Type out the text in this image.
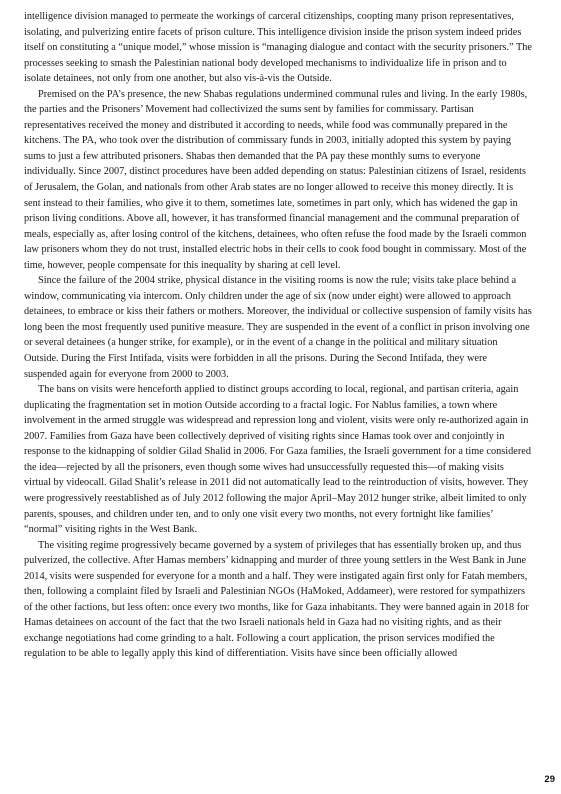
intelligence division managed to permeate the workings of carceral citizenships, coopting many prison representatives, isolating, and pulverizing entire facets of prison culture. This intelligence division inside the prison system indeed prides itself on constituting a “unique model,” whose mission is “managing dialogue and contact with the security prisoners.” The processes seeking to smash the Palestinian national body developed mechanisms to individualize life in prison and to isolate detainees, not only from one another, but also vis-à-vis the Outside.

Premised on the PA’s presence, the new Shabas regulations undermined communal rules and living. In the early 1980s, the parties and the Prisoners’ Movement had collectivized the sums sent by families for commissary. Partisan representatives received the money and distributed it according to needs, while food was communally prepared in the kitchens. The PA, who took over the distribution of commissary funds in 2003, initially adopted this system by paying sums to just a few attributed prisoners. Shabas then demanded that the PA pay these monthly sums to everyone individually. Since 2007, distinct procedures have been added depending on status: Palestinian citizens of Israel, residents of Jerusalem, the Golan, and nationals from other Arab states are no longer allowed to receive this money directly. It is sent instead to their families, who give it to them, sometimes late, sometimes in part only, which has widened the gap in prison living conditions. Above all, however, it has transformed financial management and the communal preparation of meals, especially as, after losing control of the kitchens, detainees, who often refuse the food made by the Israeli common law prisoners whom they do not trust, installed electric hobs in their cells to cook food bought in commissary. Most of the time, however, people compensate for this inequality by sharing at cell level.

Since the failure of the 2004 strike, physical distance in the visiting rooms is now the rule; visits take place behind a window, communicating via intercom. Only children under the age of six (now under eight) were allowed to approach detainees, to embrace or kiss their fathers or mothers. Moreover, the individual or collective suspension of family visits has long been the most frequently used punitive measure. They are suspended in the event of a conflict in prison involving one or several detainees (a hunger strike, for example), or in the event of a change in the political and military situation Outside. During the First Intifada, visits were forbidden in all the prisons. During the Second Intifada, they were suspended again for everyone from 2000 to 2003.

The bans on visits were henceforth applied to distinct groups according to local, regional, and partisan criteria, again duplicating the fragmentation set in motion Outside according to a fractal logic. For Nablus families, a town where involvement in the armed struggle was widespread and repression long and violent, visits were only re-authorized again in 2007. Families from Gaza have been collectively deprived of visiting rights since Hamas took over and conjointly in response to the kidnapping of soldier Gilad Shalid in 2006. For Gaza families, the Israeli government for a time considered the idea—rejected by all the prisoners, even though some wives had unsuccessfully requested this—of making visits virtual by videocall. Gilad Shalit’s release in 2011 did not automatically lead to the reintroduction of visits, however. They were progressively reestablished as of July 2012 following the major April–May 2012 hunger strike, albeit limited to only parents, spouses, and children under ten, and to only one visit every two months, not every fortnight like families’ “normal” visiting rights in the West Bank.

The visiting regime progressively became governed by a system of privileges that has essentially broken up, and thus pulverized, the collective. After Hamas members’ kidnapping and murder of three young settlers in the West Bank in June 2014, visits were suspended for everyone for a month and a half. They were instigated again first only for Fatah members, then, following a complaint filed by Israeli and Palestinian NGOs (HaMoked, Addameer), were restored for sympathizers of the other factions, but less often: once every two months, like for Gaza inhabitants. They were banned again in 2018 for Hamas detainees on account of the fact that the two Israeli nationals held in Gaza had no visiting rights, and as their exchange negotiations had come grinding to a halt. Following a court application, the prison services modified the regulation to be able to legally apply this kind of differentiation. Visits have since been officially allowed

29
